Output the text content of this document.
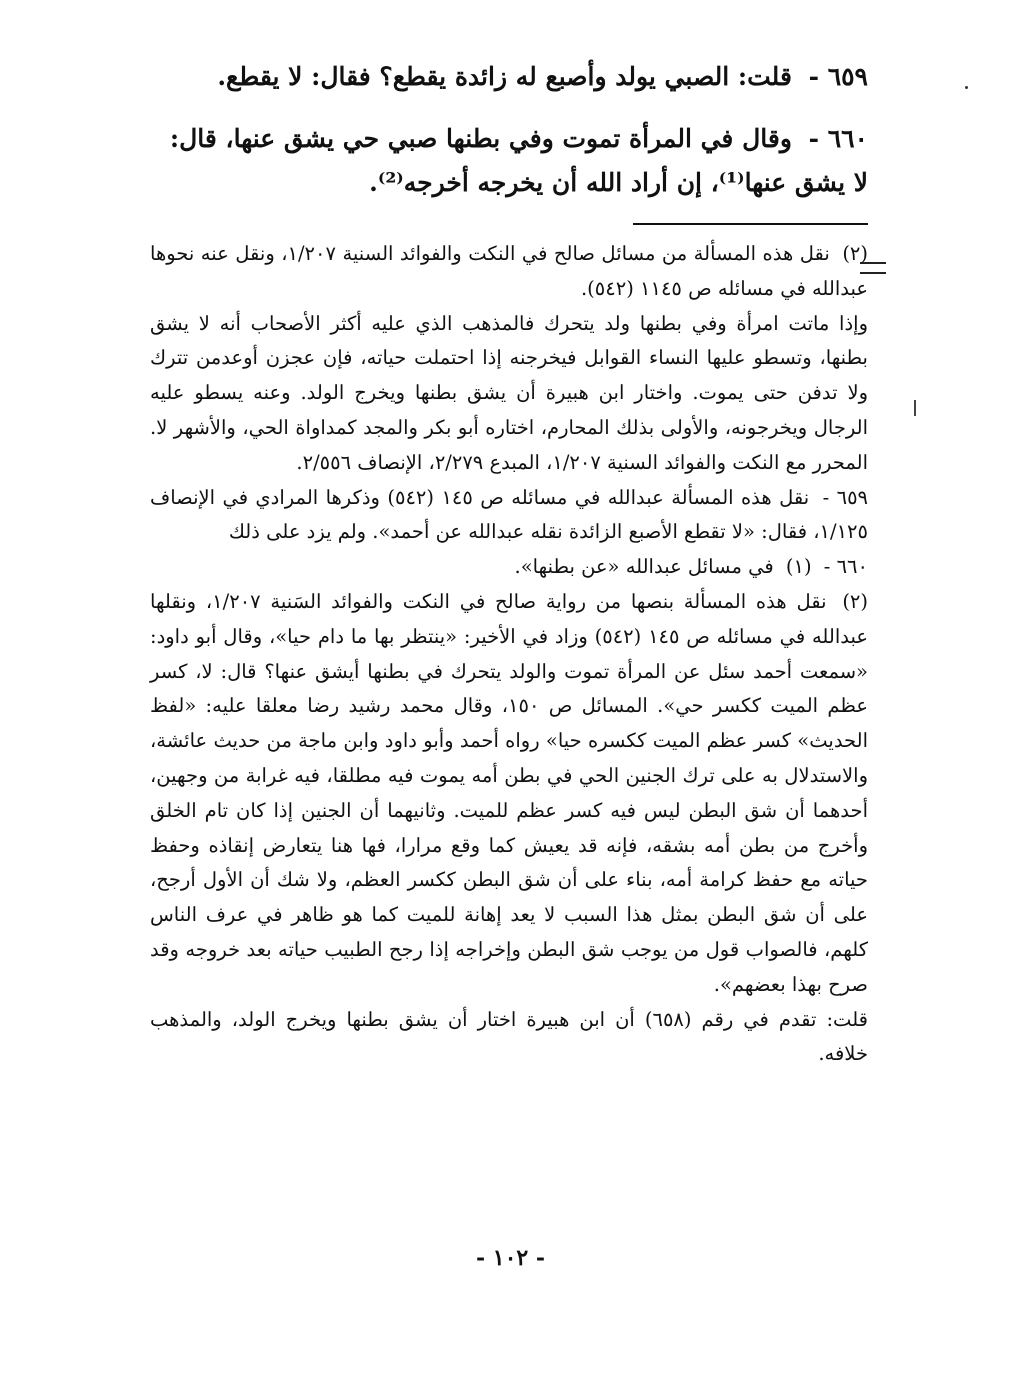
٦٥٩ - قلت: الصبي يولد وأصبع له زائدة يقطع؟ فقال: لا يقطع.
٦٦٠ - وقال في المرأة تموت وفي بطنها صبي حي يشق عنها، قال: لا يشق عنها⁽¹⁾، إن أراد الله أن يخرجه أخرجه⁽²⁾.

(٢) نقل هذه المسألة من مسائل صالح في النكت والفوائد السنية ١/٢٠٧، ونقل عنه نحوها عبدالله في مسائله ص ١١٤٥ (٥٤٢).

وإذا ماتت امرأة وفي بطنها ولد يتحرك فالمذهب الذي عليه أكثر الأصحاب أنه لا يشق بطنها، وتسطو عليها النساء القوابل فيخرجنه إذا احتملت حياته، فإن عجزن أوعدمن تترك ولا تدفن حتى يموت. واختار ابن هبيرة أن يشق بطنها ويخرج الولد. وعنه يسطو عليه الرجال ويخرجونه، والأولى بذلك المحارم، اختاره أبو بكر والمجد كمداواة الحي، والأشهر لا. المحرر مع النكت والفوائد السنية ١/٢٠٧، المبدع ٢/٢٧٩، الإنصاف ٢/٥٥٦.

٦٥٩ - نقل هذه المسألة عبدالله في مسائله ص ١٤٥ (٥٤٢) وذكرها المرادي في الإنصاف ١/١٢٥، فقال: «لا تقطع الأصبع الزائدة نقله عبدالله عن أحمد». ولم يزد على ذلك

٦٦٠ - (١) في مسائل عبدالله «عن بطنها».

(٢) نقل هذه المسألة بنصها من رواية صالح في النكت والفوائد السَنية ١/٢٠٧، ونقلها عبدالله في مسائله ص ١٤٥ (٥٤٢) وزاد في الأخير: «ينتظر بها ما دام حيا»، وقال أبو داود: «سمعت أحمد سئل عن المرأة تموت والولد يتحرك في بطنها أيشق عنها؟ قال: لا، كسر عظم الميت ككسر حي». المسائل ص ١٥٠، وقال محمد رشيد رضا معلقا عليه: «لفظ الحديث» كسر عظم الميت ككسره حيا» رواه أحمد وأبو داود وابن ماجة من حديث عائشة، والاستدلال به على ترك الجنين الحي في بطن أمه يموت فيه مطلقا، فيه غرابة من وجهين، أحدهما أن شق البطن ليس فيه كسر عظم للميت. وثانيهما أن الجنين إذا كان تام الخلق وأخرج من بطن أمه بشقه، فإنه قد يعيش كما وقع مرارا، فها هنا يتعارض إنقاذه وحفظ حياته مع حفظ كرامة أمه، بناء على أن شق البطن ككسر العظم، ولا شك أن الأول أرجح، على أن شق البطن بمثل هذا السبب لا يعد إهانة للميت كما هو ظاهر في عرف الناس كلهم، فالصواب قول من يوجب شق البطن وإخراجه إذا رجح الطبيب حياته بعد خروجه وقد صرح بهذا بعضهم».

قلت: تقدم في رقم (٦٥٨) أن ابن هبيرة اختار أن يشق بطنها ويخرج الولد، والمذهب خلافه.

- ١٠٢ -
